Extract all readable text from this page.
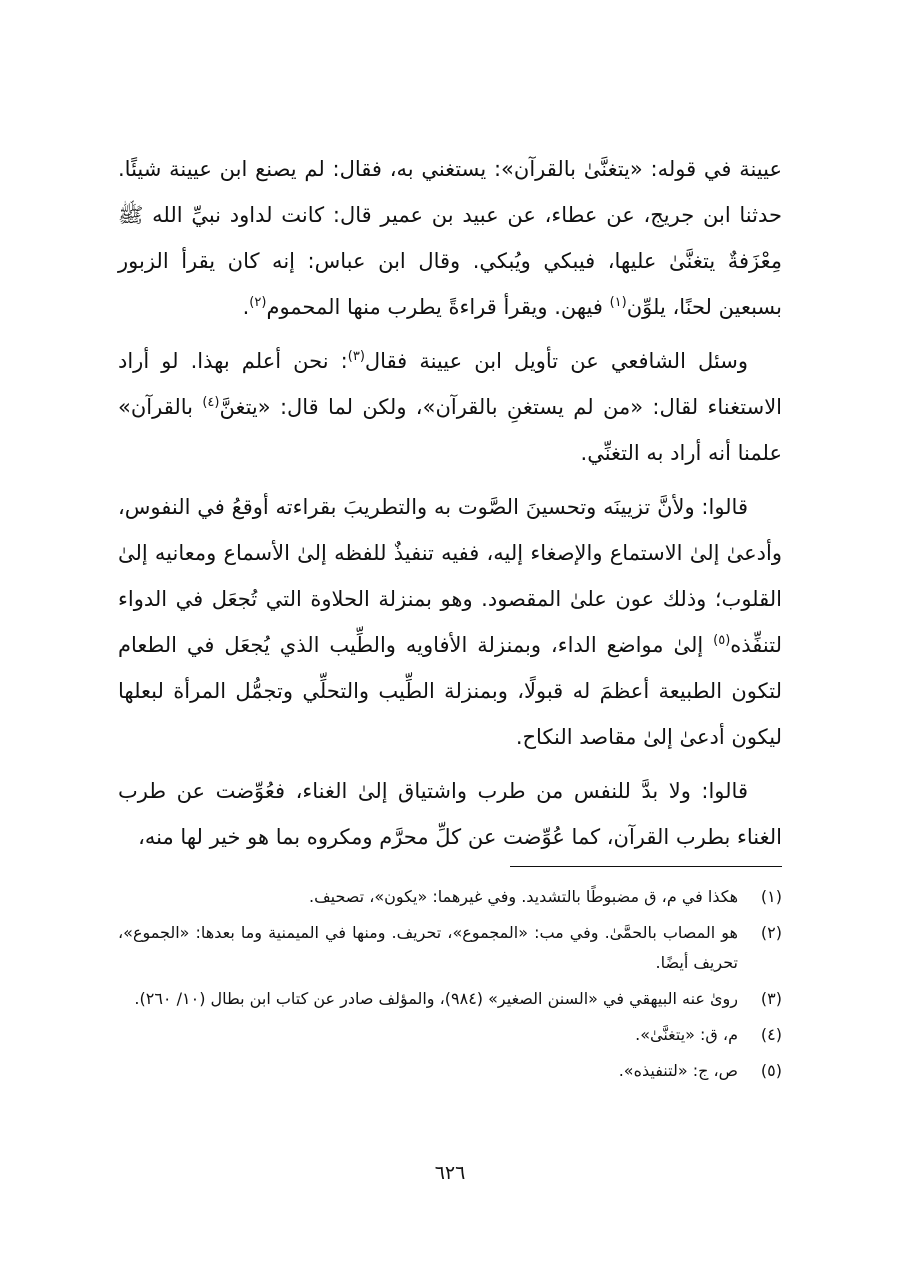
عيينة في قوله: «يتغنَّىٰ بالقرآن»: يستغني به، فقال: لم يصنع ابن عيينة شيئًا. حدثنا ابن جريج، عن عطاء، عن عبيد بن عمير قال: كانت لداود نبيِّ الله ﷺ مِعْزَفةٌ يتغنَّىٰ عليها، فيبكي ويُبكي. وقال ابن عباس: إنه كان يقرأ الزبور بسبعين لحنًا، يلوِّن$^{(١)}$ فيهن. ويقرأ قراءةً يطرب منها المحموم$^{(٢)}$.

وسئل الشافعي عن تأويل ابن عيينة فقال$^{(٣)}$: نحن أعلم بهذا. لو أراد الاستغناء لقال: «من لم يستغنِ بالقرآن»، ولكن لما قال: «يتغنَّ$^{(٤)}$ بالقرآن» علمنا أنه أراد به التغنِّي.

قالوا: ولأنَّ تزيينَه وتحسينَ الصَّوت به والتطريبَ بقراءته أوقعُ في النفوس، وأدعىٰ إلىٰ الاستماع والإصغاء إليه، ففيه تنفيذٌ للفظه إلىٰ الأسماع ومعانيه إلىٰ القلوب؛ وذلك عون علىٰ المقصود. وهو بمنزلة الحلاوة التي تُجعَل في الدواء لتنفِّذه$^{(٥)}$ إلىٰ مواضع الداء، وبمنزلة الأفاويه والطِّيب الذي يُجعَل في الطعام لتكون الطبيعة أعظمَ له قبولًا، وبمنزلة الطِّيب والتحلِّي وتجمُّل المرأة لبعلها ليكون أدعىٰ إلىٰ مقاصد النكاح.

قالوا: ولا بدَّ للنفس من طرب واشتياق إلىٰ الغناء، فعُوِّضت عن طرب الغناء بطرب القرآن، كما عُوِّضت عن كلِّ محرَّم ومكروه بما هو خير لها منه،

(١)
هكذا في م، ق مضبوطًا بالتشديد. وفي غيرهما: «يكون»، تصحيف.
(٢)
هو المصاب بالحمَّىٰ. وفي مب: «المجموع»، تحريف. ومنها في الميمنية وما بعدها: «الجموع»، تحريف أيضًا.
(٣)
روىٰ عنه البيهقي في «السنن الصغير» (٩٨٤)، والمؤلف صادر عن كتاب ابن بطال (١٠/ ٢٦٠).
(٤)
م، ق: «يتغنَّىٰ».
(٥)
ص، ج: «لتنفيذه».
٦٢٦
